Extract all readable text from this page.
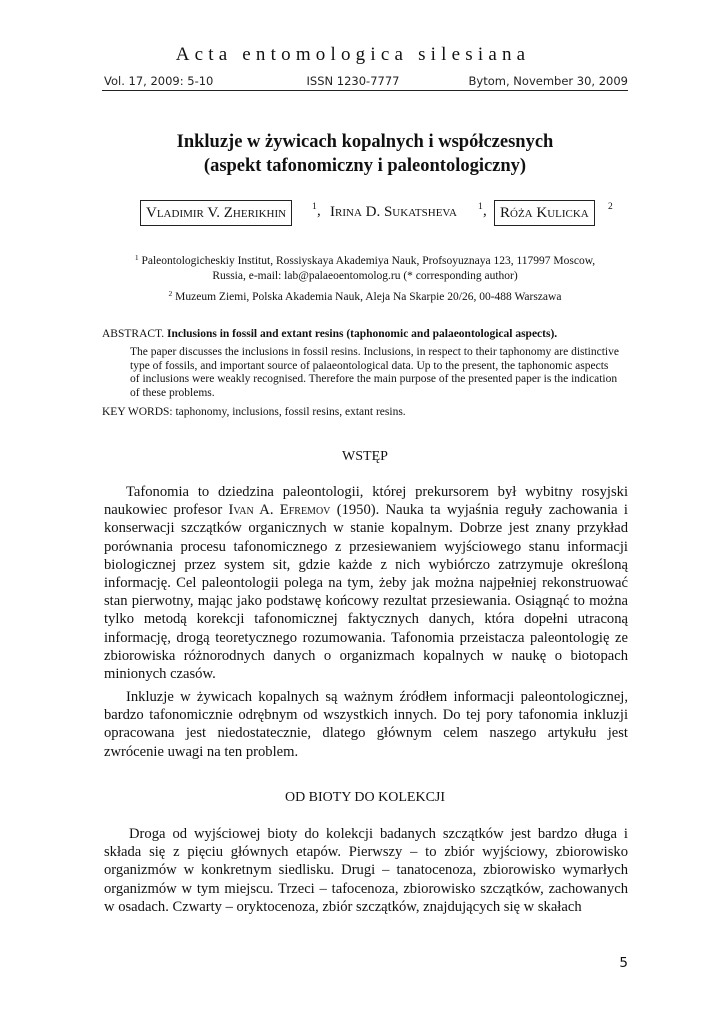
Acta entomologica silesiana
Vol. 17, 2009: 5-10	ISSN 1230-7777	Bytom, November 30, 2009
Inkluzje w żywicach kopalnych i współczesnych
(aspekt tafonomiczny i paleontologiczny)
Vladimir V. Zherikhin	1 , Irina D. Sukatsheva 1 , Róża Kulicka	2
$^1$ Paleontologicheskiy Institut, Rossiyskaya Akademiya Nauk, Profsoyuznaya 123, 117997 Moscow,
Russia, e-mail: lab@palaeoentomolog.ru (* corresponding author)
$^2$ Muzeum Ziemi, Polska Akademia Nauk, Aleja Na Skarpie 20/26, 00-488 Warszawa
ABSTRACT. Inclusions in fossil and extant resins (taphonomic and palaeontological aspects).
The paper discusses the inclusions in fossil resins. Inclusions, in respect to their taphonomy are distinctive type of fossils, and important source of palaeontological data. Up to the present, the taphonomic aspects of inclusions were weakly recognised. Therefore the main purpose of the presented paper is the indication of these problems.
KEY WORDS: taphonomy, inclusions, fossil resins, extant resins.
WSTĘP

Tafonomia to dziedzina paleontologii, której prekursorem był wybitny rosyjski naukowiec profesor Ivan A. Efremov (1950). Nauka ta wyjaśnia reguły zachowania i konserwacji szczątków organicznych w stanie kopalnym. Dobrze jest znany przykład porównania procesu tafonomicznego z przesiewaniem wyjściowego stanu informacji biologicznej przez system sit, gdzie każde z nich wybiórczo zatrzymuje określoną informację. Cel paleontologii polega na tym, żeby jak można najpełniej rekonstruować stan pierwotny, mając jako podstawę końcowy rezultat przesiewania. Osiągnąć to można tylko metodą korekcji tafonomicznej faktycznych danych, która dopełni utraconą informację, drogą teoretycznego rozumowania. Tafonomia przeistacza paleontologię ze zbiorowiska różnorodnych danych o organizmach kopalnych w naukę o biotopach minionych czasów.

Inkluzje w żywicach kopalnych są ważnym źródłem informacji paleontologicznej, bardzo tafonomicznie odrębnym od wszystkich innych. Do tej pory tafonomia inkluzji opracowana jest niedostatecznie, dlatego głównym celem naszego artykułu jest zwrócenie uwagi na ten problem.

OD BIOTY DO KOLEKCJI

Droga od wyjściowej bioty do kolekcji badanych szczątków jest bardzo długa i składa się z pięciu głównych etapów. Pierwszy – to zbiór wyjściowy, zbiorowisko organizmów w konkretnym siedlisku. Drugi – tanatocenoza, zbiorowisko wymarłych organizmów w tym miejscu. Trzeci – tafocenoza, zbiorowisko szczątków, zachowanych w osadach. Czwarty – oryktocenoza, zbiór szczątków, znajdujących się w skałach

5
